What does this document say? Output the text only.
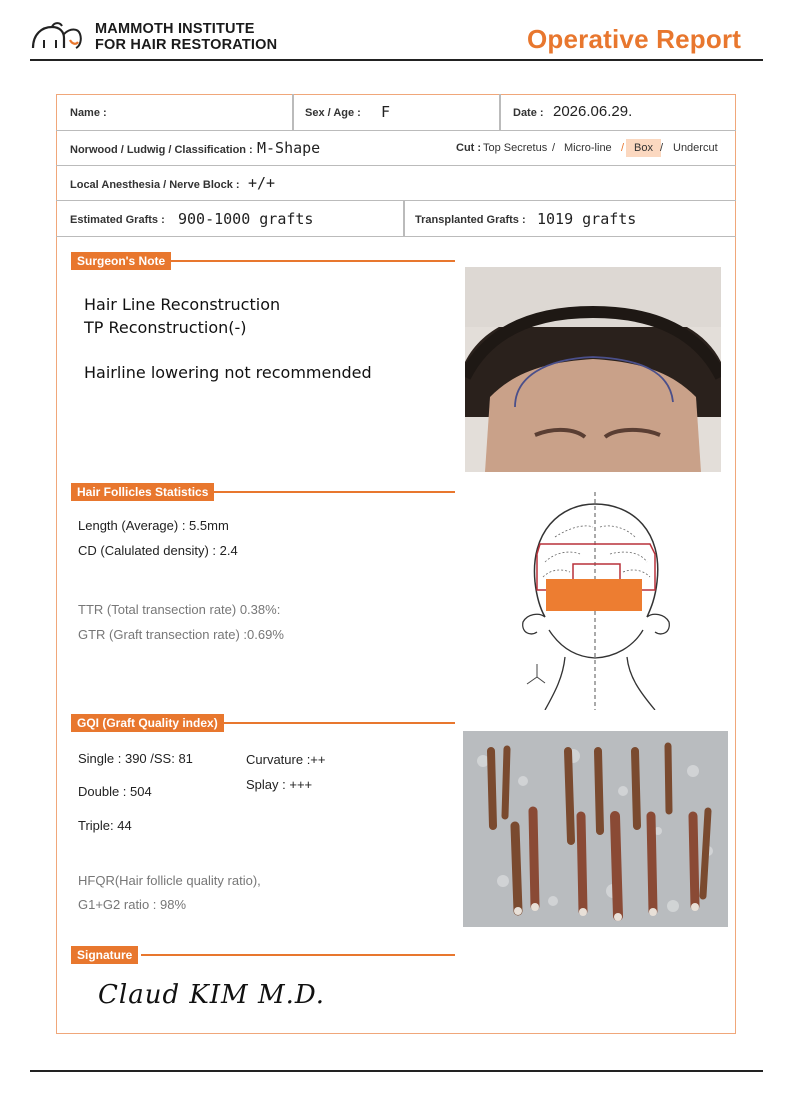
MAMMOTH INSTITUTE
FOR HAIR RESTORATION	Operative Report
Name :	Sex / Age : F	Date : 2026.06.29.
Norwood / Ludwig / Classification : M-Shape	Cut : Top Secretus / Micro-line / Box / Undercut
Local Anesthesia / Nerve Block : +/+
Estimated Grafts : 900-1000 grafts	Transplanted Grafts : 1019 grafts
Surgeon's Note
Hair Line Reconstruction
TP Reconstruction(-)
Hairline lowering not recommended
Hair Follicles Statistics
Length (Average) : 5.5mm
CD (Calulated density) : 2.4
TTR (Total transection rate) 0.38%:
GTR (Graft transection rate) :0.69%
GQI (Graft Quality index)
Single : 390 /SS: 81
Double : 504
Triple: 44
Curvature :++
Splay : +++
HFQR(Hair follicle quality ratio),
G1+G2 ratio : 98%
Signature
Claud KIM M.D.
